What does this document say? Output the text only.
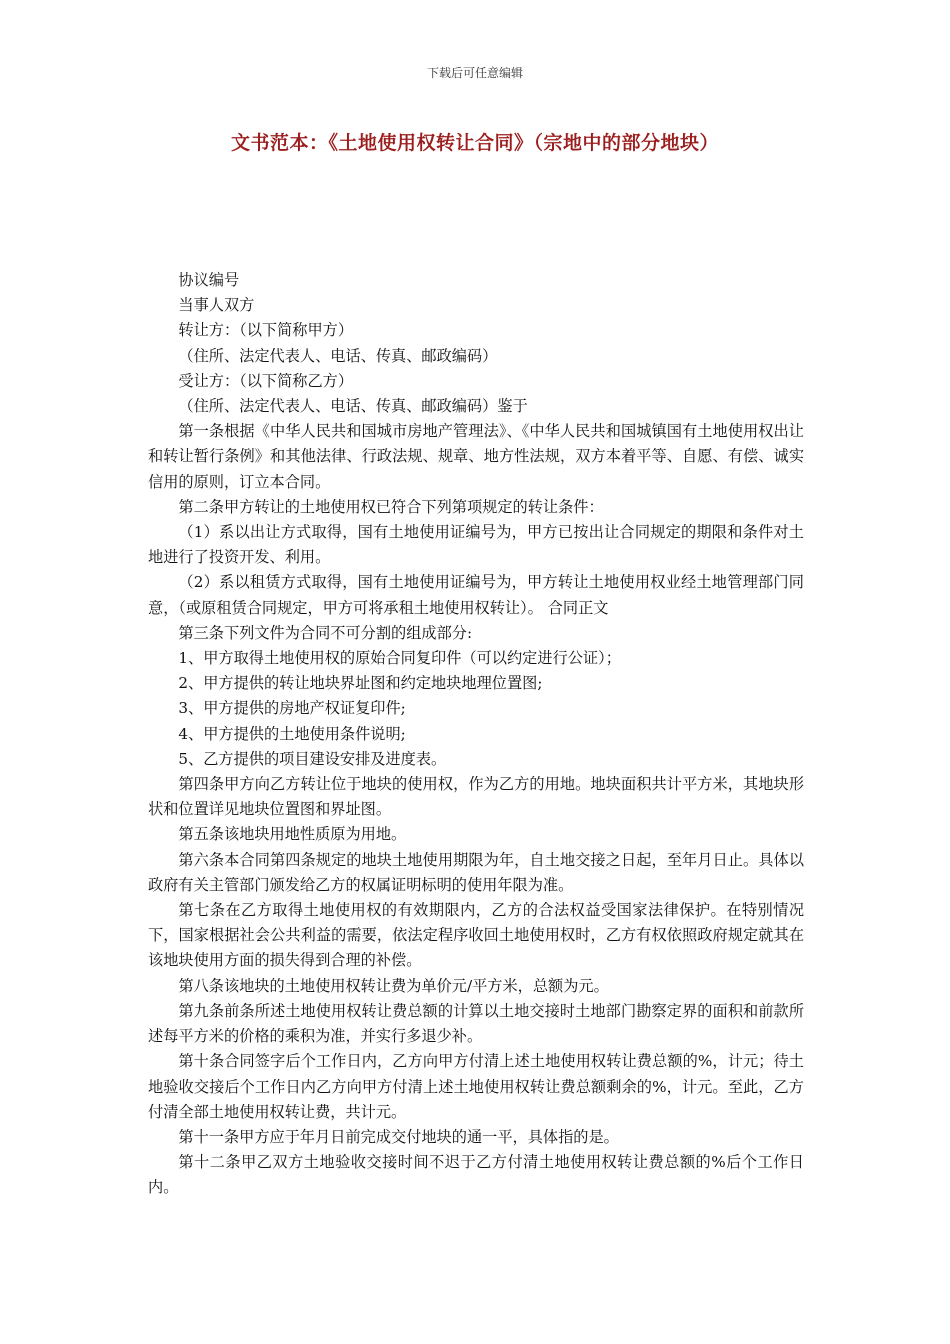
下载后可任意编辑
文书范本：《土地使用权转让合同》（宗地中的部分地块）

协议编号

当事人双方

转让方：（以下简称甲方）

（住所、法定代表人、电话、传真、邮政编码）

受让方：（以下简称乙方）

（住所、法定代表人、电话、传真、邮政编码）鉴于

第一条根据《中华人民共和国城市房地产管理法》、《中华人民共和国城镇国有土地使用权出让和转让暂行条例》和其他法律、行政法规、规章、地方性法规，双方本着平等、自愿、有偿、诚实信用的原则，订立本合同。

第二条甲方转让的土地使用权已符合下列第项规定的转让条件：

（1）系以出让方式取得，国有土地使用证编号为，甲方已按出让合同规定的期限和条件对土地进行了投资开发、利用。

（2）系以租赁方式取得，国有土地使用证编号为，甲方转让土地使用权业经土地管理部门同意，（或原租赁合同规定，甲方可将承租土地使用权转让）。 合同正文

第三条下列文件为合同不可分割的组成部分:

1、甲方取得土地使用权的原始合同复印件（可以约定进行公证）；

2、甲方提供的转让地块界址图和约定地块地理位置图;

3、甲方提供的房地产权证复印件;

4、甲方提供的土地使用条件说明;

5、乙方提供的项目建设安排及进度表。

第四条甲方向乙方转让位于地块的使用权，作为乙方的用地。地块面积共计平方米，其地块形状和位置详见地块位置图和界址图。

第五条该地块用地性质原为用地。

第六条本合同第四条规定的地块土地使用期限为年，自土地交接之日起，至年月日止。具体以政府有关主管部门颁发给乙方的权属证明标明的使用年限为准。

第七条在乙方取得土地使用权的有效期限内，乙方的合法权益受国家法律保护。在特别情况下，国家根据社会公共利益的需要，依法定程序收回土地使用权时，乙方有权依照政府规定就其在该地块使用方面的损失得到合理的补偿。

第八条该地块的土地使用权转让费为单价元/平方米，总额为元。

第九条前条所述土地使用权转让费总额的计算以土地交接时土地部门勘察定界的面积和前款所述每平方米的价格的乘积为准，并实行多退少补。

第十条合同签字后个工作日内，乙方向甲方付清上述土地使用权转让费总额的%，计元；待土地验收交接后个工作日内乙方向甲方付清上述土地使用权转让费总额剩余的%，计元。至此，乙方付清全部土地使用权转让费，共计元。

第十一条甲方应于年月日前完成交付地块的通一平，具体指的是。

第十二条甲乙双方土地验收交接时间不迟于乙方付清土地使用权转让费总额的%后个工作日内。
